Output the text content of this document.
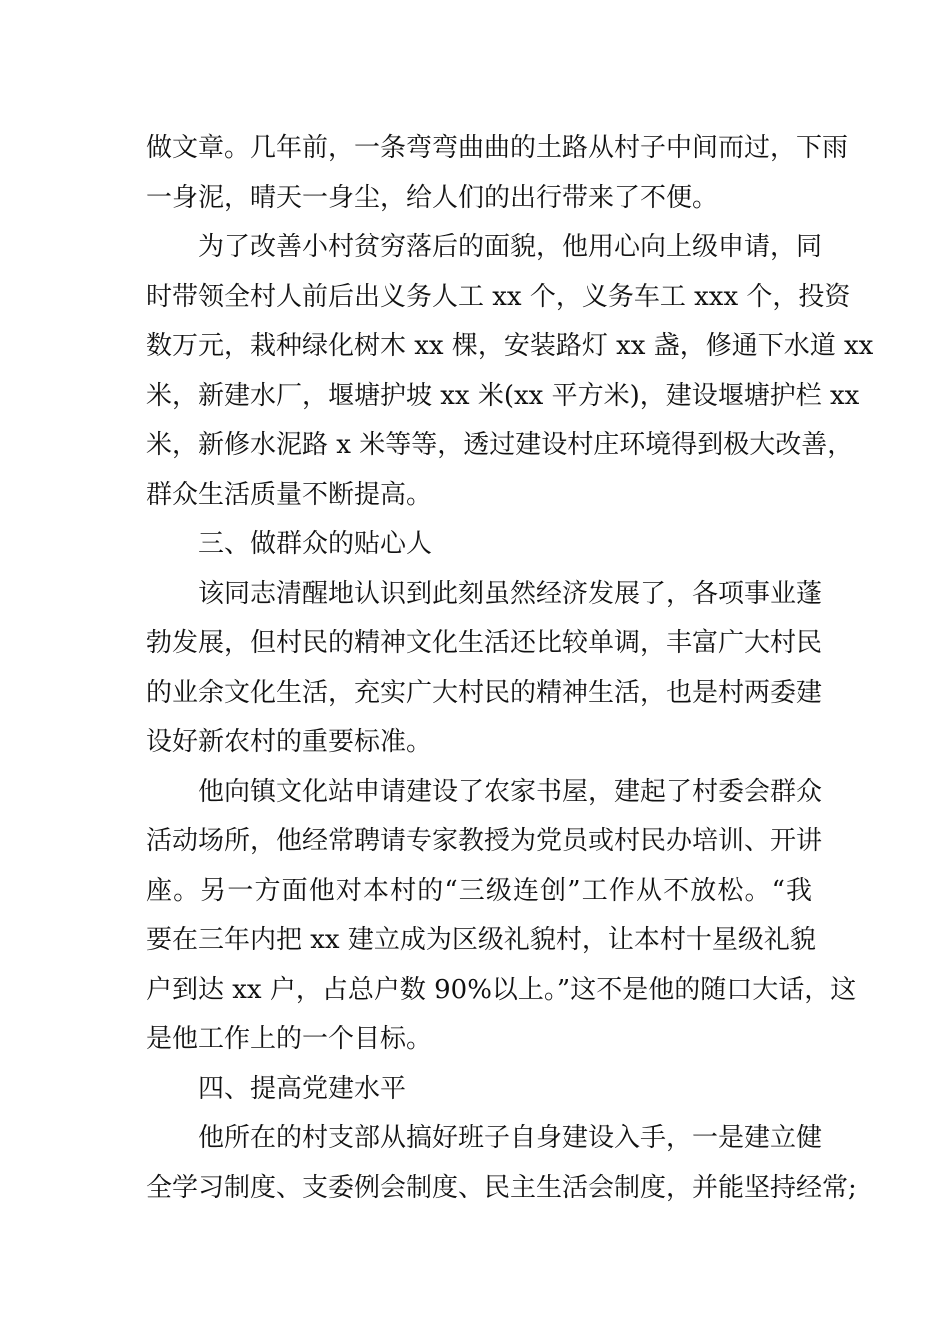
做文章。几年前，一条弯弯曲曲的土路从村子中间而过，下雨
一身泥，晴天一身尘，给人们的出行带来了不便。
为了改善小村贫穷落后的面貌，他用心向上级申请，同
时带领全村人前后出义务人工 xx 个，义务车工 xxx 个，投资
数万元，栽种绿化树木 xx 棵，安装路灯 xx 盏，修通下水道 xx
米，新建水厂，堰塘护坡 xx 米(xx 平方米)，建设堰塘护栏 xx
米，新修水泥路 x 米等等，透过建设村庄环境得到极大改善，
群众生活质量不断提高。
三、做群众的贴心人
该同志清醒地认识到此刻虽然经济发展了，各项事业蓬
勃发展，但村民的精神文化生活还比较单调，丰富广大村民
的业余文化生活，充实广大村民的精神生活，也是村两委建
设好新农村的重要标准。
他向镇文化站申请建设了农家书屋，建起了村委会群众
活动场所，他经常聘请专家教授为党员或村民办培训、开讲
座。另一方面他对本村的“三级连创”工作从不放松。“我
要在三年内把 xx 建立成为区级礼貌村，让本村十星级礼貌
户到达 xx 户，占总户数 90%以上。”这不是他的随口大话，这
是他工作上的一个目标。
四、提高党建水平
他所在的村支部从搞好班子自身建设入手，一是建立健
全学习制度、支委例会制度、民主生活会制度，并能坚持经常;
